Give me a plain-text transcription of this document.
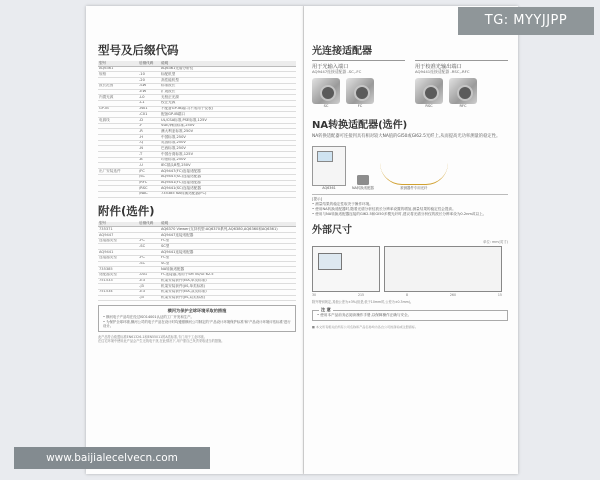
型号及后缀代码
型号	后缀代码	说明
AQ6361		AQ6361光谱分析仪
规格	-10	标配机型
	-20	高性能机型
波长范围	-SW	标准波长
	-EW	扩展波长
内置光源	-L0	无校正光源
	-L1	校正光源
GP-IB	-N01	不配备GP-IB端口(不适用于仪表)
	-C01	配备GP-IB端口
电源线	-D	UL/CSA标准,PSE标准,125V
	-F	VDE/韩国标准,250V
	-R	澳大利亚标准,250V
	-H	中国标准,250V
	-Q	英国标准,250V
	-N	巴西标准,250V
	-T	中国台湾标准,125V
	-B	印度标准,250V
	-U	IEC插头B型,250V
出厂安装选件	/FC	AQ9447(FC)连接适配器
	/SC	AQ9447(SC)连接适配器
	/RFC	AQ9441(FC)连接适配器
	/RSC	AQ9441(SC)连接适配器
	/NAC	735385 NA转换适配器(FC)
附件(选件)
型号	后缀代码	说明
735371		AQ6370 Viewer(支持机型:AQ6370系列,AQ6380,AQ6360和AQ6361)
AQ9447		AQ9447连接适配器
连接器类型	-FC	FC型
	-SC	SC型
AQ9441		AQ9441连接适配器
连接器类型	-FC	FC型
	-SC	SC型
735385		NA转换适配器
适配器类型	-001	FC连接器,适用于SM 50/GI 62.5
751533	-E3	机架安装套件(EIA,单类标准)
	-J3	机架安装套件(JIS,单类标准)
751534	-E3	机架安装套件(EIA,双类标准)
	-J3	机架安装套件(JIS,双类标准)
横河为保护全球环境采取的措施
• 横河电子产品均在经过ISO14001认证的工厂开发和生产。
• 为保护全球环境,横河公司的电子产品在设计时均遵照横河公司制定的'产品设计环境保护标准'和'产品设计环境评估标准'进行设计。
此产品符合欧盟标准EN61326-1和EN55011的A类标准,专门用于工业环境。
在住宅环境中使用此产品会产生无线电干扰,在此情况下,用户需自己负责采取适当的措施。
光连接适配器
用于光输入端口
AQ9447连接适配器 -SC,-FC
SC	FC
用于校准光输出端口
AQ9441连接适配器 -RSC,-RFC
RSC	RFC
NA转换适配器(选件)
NA转换适配器可连接到具有相对较大NA值的GI50或GI62.5光纤上,从而提高光功率测量的稳定性。
AQ6361	NA转换适配器	被测器件专用光纤
[提示]
• 测量结果的稳定性取决于操作环境。
• 使用NA转换适配器时,随着光谱分析仪波长分辨率设置的增加,测量结果的稳定性会提高。
• 使用与NA转换适配器连接的GI62.5和GI50多模光纤时,建议将光谱分析仪的波长分辨率设为0.2nm或以上。
外部尺寸
单位: mm(英寸)
30	215	8	260	15
除外特别规定,其他公差为±3%(但是,低于10mm时,公差为±0.3mm)。
注 意
• 使用本产品前务必阅读操作手册,以保障操作正确与安全。
■ 本文所有相关的所有公司名称和产品名称均为各自公司的商标或注册商标。
TG: MYYJJPP
www.baijialecelvecn.com
